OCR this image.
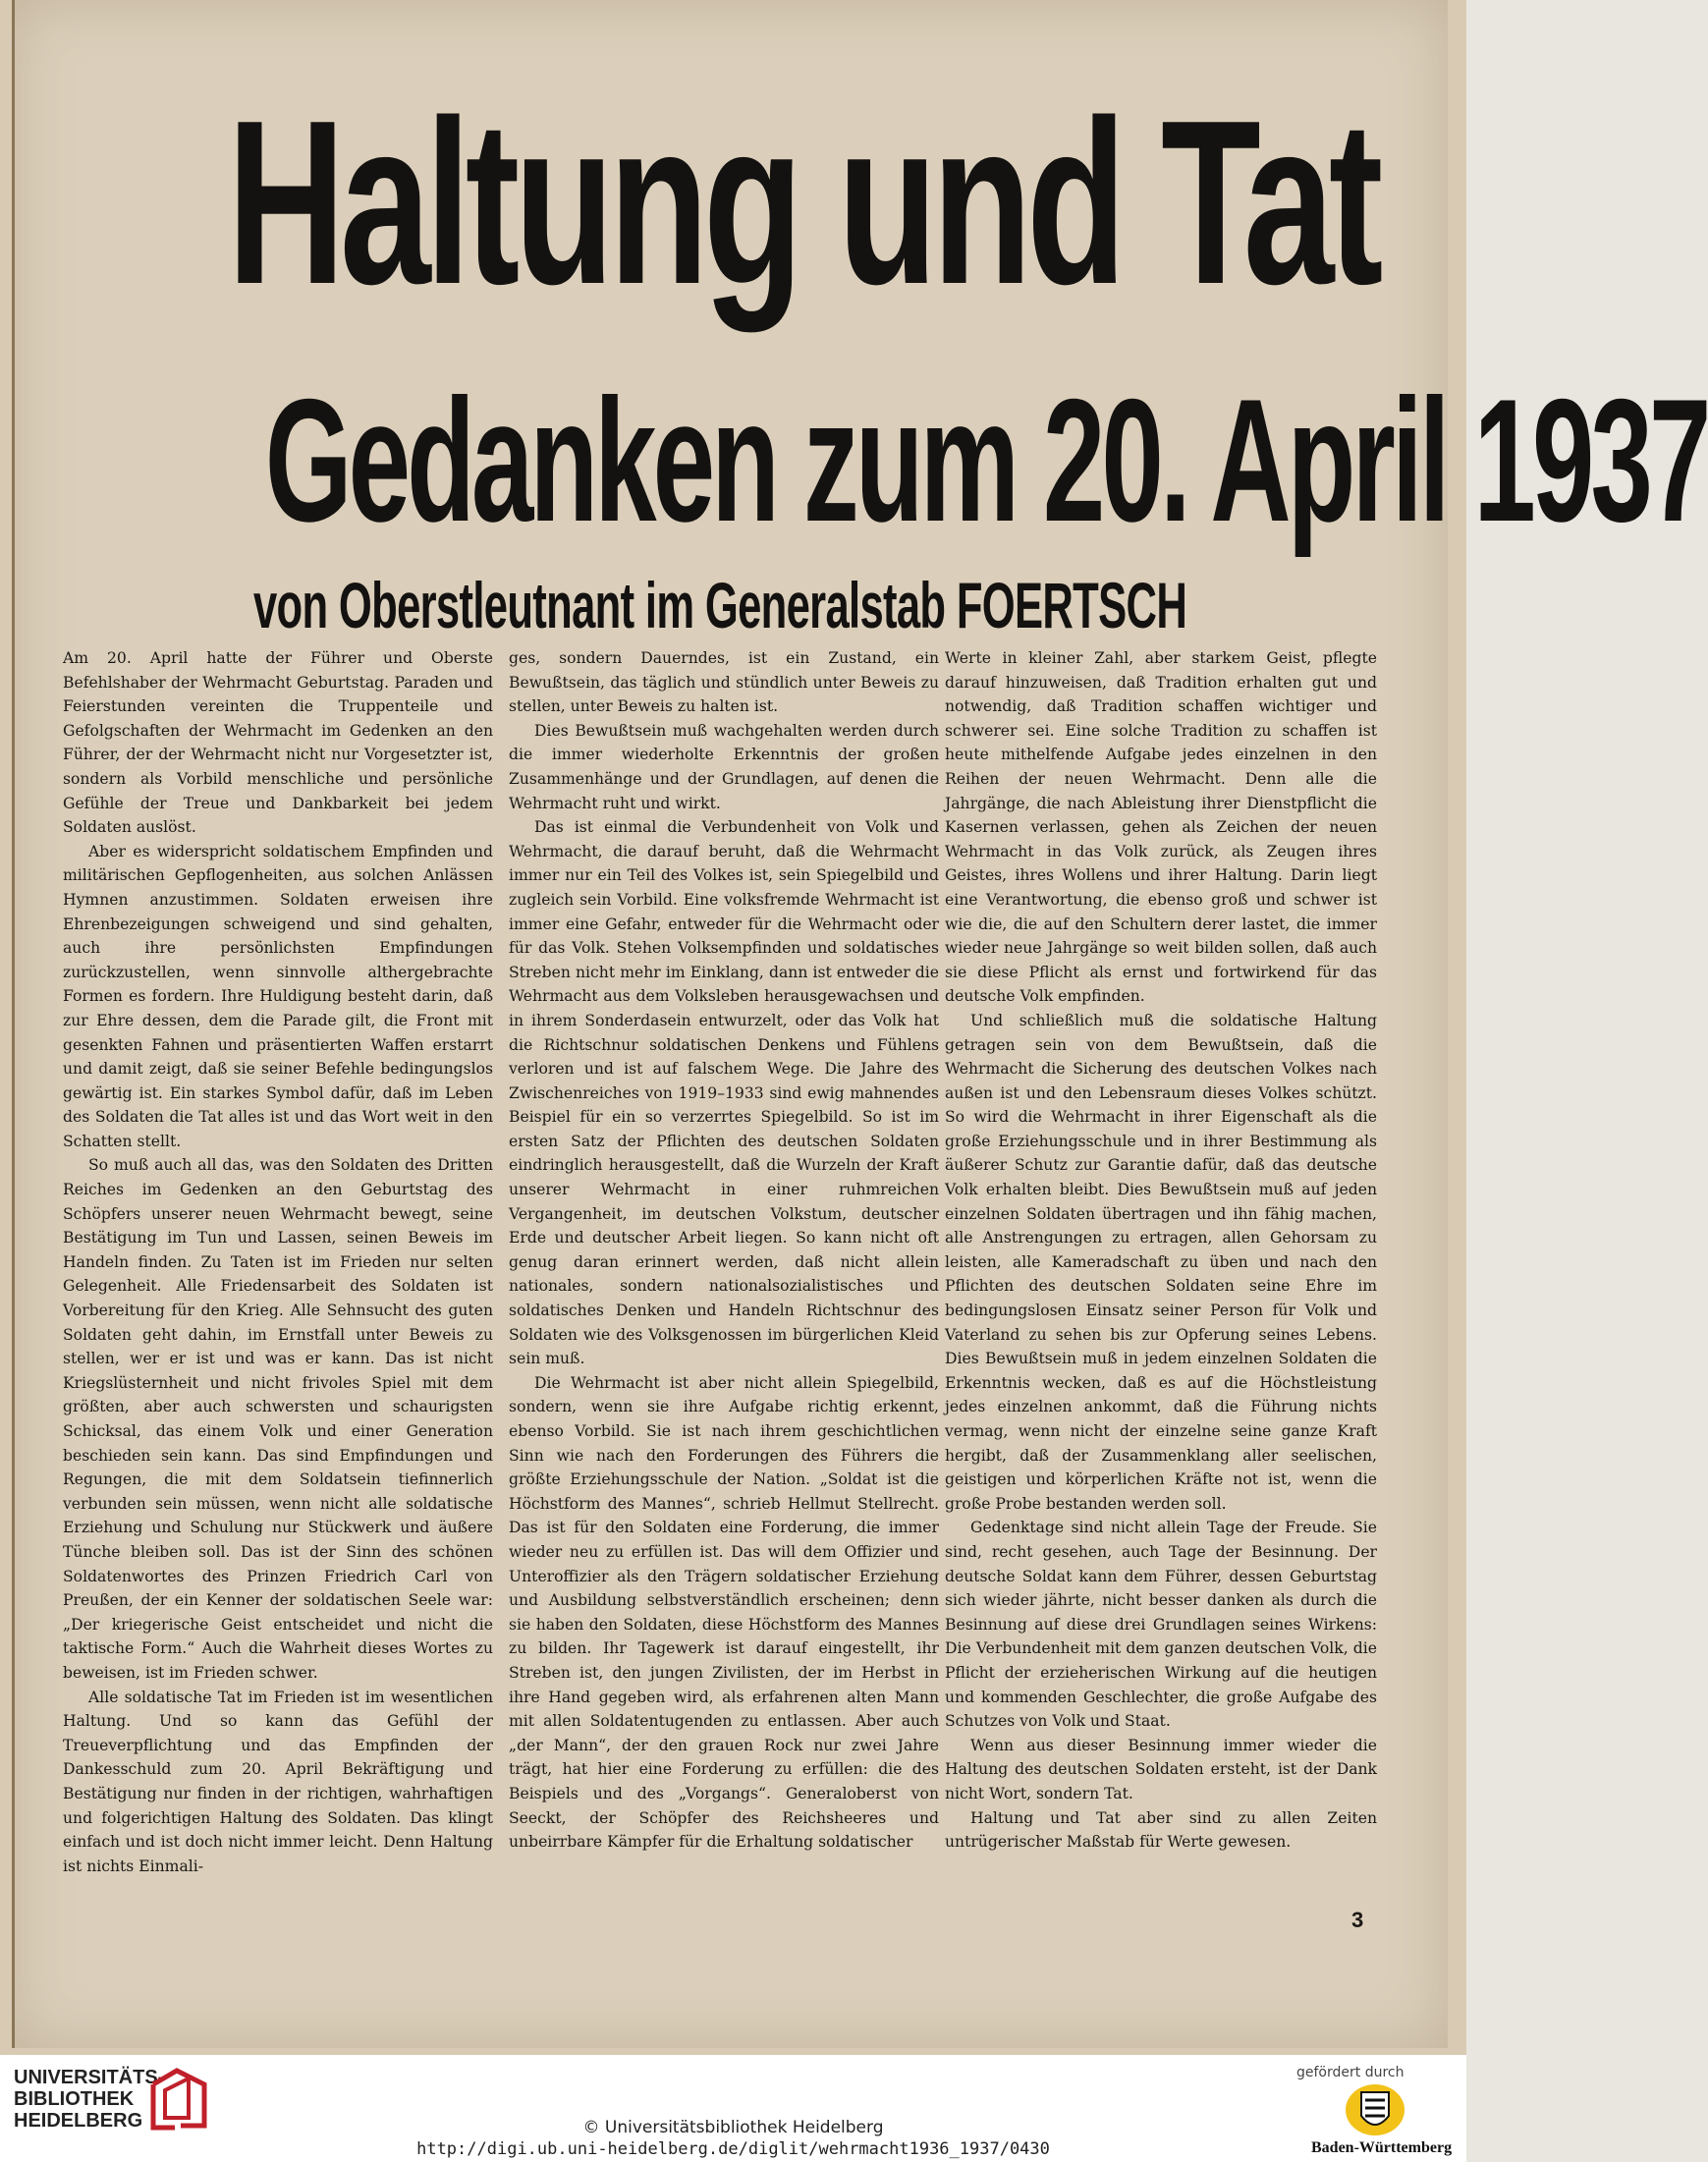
Haltung und Tat
Gedanken zum 20. April 1937
von Oberstleutnant im Generalstab FOERTSCH

Am 20. April hatte der Führer und Oberste Befehlshaber der Wehrmacht Geburtstag. Paraden und Feierstunden vereinten die Truppenteile und Gefolgschaften der Wehrmacht im Gedenken an den Führer, der der Wehrmacht nicht nur Vorgesetzter ist, sondern als Vorbild menschliche und persönliche Gefühle der Treue und Dankbarkeit bei jedem Soldaten auslöst.

Aber es widerspricht soldatischem Empfinden und militärischen Gepflogenheiten, aus solchen Anlässen Hymnen anzustimmen. Soldaten erweisen ihre Ehrenbezeigungen schweigend und sind gehalten, auch ihre persönlichsten Empfindungen zurückzustellen, wenn sinnvolle althergebrachte Formen es fordern. Ihre Huldigung besteht darin, daß zur Ehre dessen, dem die Parade gilt, die Front mit gesenkten Fahnen und präsentierten Waffen erstarrt und damit zeigt, daß sie seiner Befehle bedingungslos gewärtig ist. Ein starkes Symbol dafür, daß im Leben des Soldaten die Tat alles ist und das Wort weit in den Schatten stellt.

So muß auch all das, was den Soldaten des Dritten Reiches im Gedenken an den Geburtstag des Schöpfers unserer neuen Wehrmacht bewegt, seine Bestätigung im Tun und Lassen, seinen Beweis im Handeln finden. Zu Taten ist im Frieden nur selten Gelegenheit. Alle Friedensarbeit des Soldaten ist Vorbereitung für den Krieg. Alle Sehnsucht des guten Soldaten geht dahin, im Ernstfall unter Beweis zu stellen, wer er ist und was er kann. Das ist nicht Kriegslüsternheit und nicht frivoles Spiel mit dem größten, aber auch schwersten und schaurigsten Schicksal, das einem Volk und einer Generation beschieden sein kann. Das sind Empfindungen und Regungen, die mit dem Soldatsein tiefinnerlich verbunden sein müssen, wenn nicht alle soldatische Erziehung und Schulung nur Stückwerk und äußere Tünche bleiben soll. Das ist der Sinn des schönen Soldatenwortes des Prinzen Friedrich Carl von Preußen, der ein Kenner der soldatischen Seele war: „Der kriegerische Geist entscheidet und nicht die taktische Form.“ Auch die Wahrheit dieses Wortes zu beweisen, ist im Frieden schwer.

Alle soldatische Tat im Frieden ist im wesentlichen Haltung. Und so kann das Gefühl der Treueverpflichtung und das Empfinden der Dankesschuld zum 20. April Bekräftigung und Bestätigung nur finden in der richtigen, wahrhaftigen und folgerichtigen Haltung des Soldaten. Das klingt einfach und ist doch nicht immer leicht. Denn Haltung ist nichts Einmali-

ges, sondern Dauerndes, ist ein Zustand, ein Bewußtsein, das täglich und stündlich unter Beweis zu stellen, unter Beweis zu halten ist.

Dies Bewußtsein muß wachgehalten werden durch die immer wiederholte Erkenntnis der großen Zusammenhänge und der Grundlagen, auf denen die Wehrmacht ruht und wirkt.

Das ist einmal die Verbundenheit von Volk und Wehrmacht, die darauf beruht, daß die Wehrmacht immer nur ein Teil des Volkes ist, sein Spiegelbild und zugleich sein Vorbild. Eine volksfremde Wehrmacht ist immer eine Gefahr, entweder für die Wehrmacht oder für das Volk. Stehen Volksempfinden und soldatisches Streben nicht mehr im Einklang, dann ist entweder die Wehrmacht aus dem Volksleben herausgewachsen und in ihrem Sonderdasein entwurzelt, oder das Volk hat die Richtschnur soldatischen Denkens und Fühlens verloren und ist auf falschem Wege. Die Jahre des Zwischenreiches von 1919–1933 sind ewig mahnendes Beispiel für ein so verzerrtes Spiegelbild. So ist im ersten Satz der Pflichten des deutschen Soldaten eindringlich herausgestellt, daß die Wurzeln der Kraft unserer Wehrmacht in einer ruhmreichen Vergangenheit, im deutschen Volkstum, deutscher Erde und deutscher Arbeit liegen. So kann nicht oft genug daran erinnert werden, daß nicht allein nationales, sondern nationalsozialistisches und soldatisches Denken und Handeln Richtschnur des Soldaten wie des Volksgenossen im bürgerlichen Kleid sein muß.

Die Wehrmacht ist aber nicht allein Spiegelbild, sondern, wenn sie ihre Aufgabe richtig erkennt, ebenso Vorbild. Sie ist nach ihrem geschichtlichen Sinn wie nach den Forderungen des Führers die größte Erziehungsschule der Nation. „Soldat ist die Höchstform des Mannes“, schrieb Hellmut Stellrecht. Das ist für den Soldaten eine Forderung, die immer wieder neu zu erfüllen ist. Das will dem Offizier und Unteroffizier als den Trägern soldatischer Erziehung und Ausbildung selbstverständlich erscheinen; denn sie haben den Soldaten, diese Höchstform des Mannes zu bilden. Ihr Tagewerk ist darauf eingestellt, ihr Streben ist, den jungen Zivilisten, der im Herbst in ihre Hand gegeben wird, als erfahrenen alten Mann mit allen Soldatentugenden zu entlassen. Aber auch „der Mann“, der den grauen Rock nur zwei Jahre trägt, hat hier eine Forderung zu erfüllen: die des Beispiels und des „Vorgangs“. Generaloberst von Seeckt, der Schöpfer des Reichsheeres und unbeirrbare Kämpfer für die Erhaltung soldatischer

Werte in kleiner Zahl, aber starkem Geist, pflegte darauf hinzuweisen, daß Tradition erhalten gut und notwendig, daß Tradition schaffen wichtiger und schwerer sei. Eine solche Tradition zu schaffen ist heute mithelfende Aufgabe jedes einzelnen in den Reihen der neuen Wehrmacht. Denn alle die Jahrgänge, die nach Ableistung ihrer Dienstpflicht die Kasernen verlassen, gehen als Zeichen der neuen Wehrmacht in das Volk zurück, als Zeugen ihres Geistes, ihres Wollens und ihrer Haltung. Darin liegt eine Verantwortung, die ebenso groß und schwer ist wie die, die auf den Schultern derer lastet, die immer wieder neue Jahrgänge so weit bilden sollen, daß auch sie diese Pflicht als ernst und fortwirkend für das deutsche Volk empfinden.

Und schließlich muß die soldatische Haltung getragen sein von dem Bewußtsein, daß die Wehrmacht die Sicherung des deutschen Volkes nach außen ist und den Lebensraum dieses Volkes schützt. So wird die Wehrmacht in ihrer Eigenschaft als die große Erziehungsschule und in ihrer Bestimmung als äußerer Schutz zur Garantie dafür, daß das deutsche Volk erhalten bleibt. Dies Bewußtsein muß auf jeden einzelnen Soldaten übertragen und ihn fähig machen, alle Anstrengungen zu ertragen, allen Gehorsam zu leisten, alle Kameradschaft zu üben und nach den Pflichten des deutschen Soldaten seine Ehre im bedingungslosen Einsatz seiner Person für Volk und Vaterland zu sehen bis zur Opferung seines Lebens. Dies Bewußtsein muß in jedem einzelnen Soldaten die Erkenntnis wecken, daß es auf die Höchstleistung jedes einzelnen ankommt, daß die Führung nichts vermag, wenn nicht der einzelne seine ganze Kraft hergibt, daß der Zusammenklang aller seelischen, geistigen und körperlichen Kräfte not ist, wenn die große Probe bestanden werden soll.

Gedenktage sind nicht allein Tage der Freude. Sie sind, recht gesehen, auch Tage der Besinnung. Der deutsche Soldat kann dem Führer, dessen Geburtstag sich wieder jährte, nicht besser danken als durch die Besinnung auf diese drei Grundlagen seines Wirkens: Die Verbundenheit mit dem ganzen deutschen Volk, die Pflicht der erzieherischen Wirkung auf die heutigen und kommenden Geschlechter, die große Aufgabe des Schutzes von Volk und Staat.

Wenn aus dieser Besinnung immer wieder die Haltung des deutschen Soldaten ersteht, ist der Dank nicht Wort, sondern Tat.

Haltung und Tat aber sind zu allen Zeiten untrügerischer Maßstab für Werte gewesen.

3
UNIVERSITÄTS-
BIBLIOTHEK
HEIDELBERG	© Universitätsbibliothek Heidelberg
http://digi.ub.uni-heidelberg.de/diglit/wehrmacht1936_1937/0430
gefördert durch
Baden-Württemberg
